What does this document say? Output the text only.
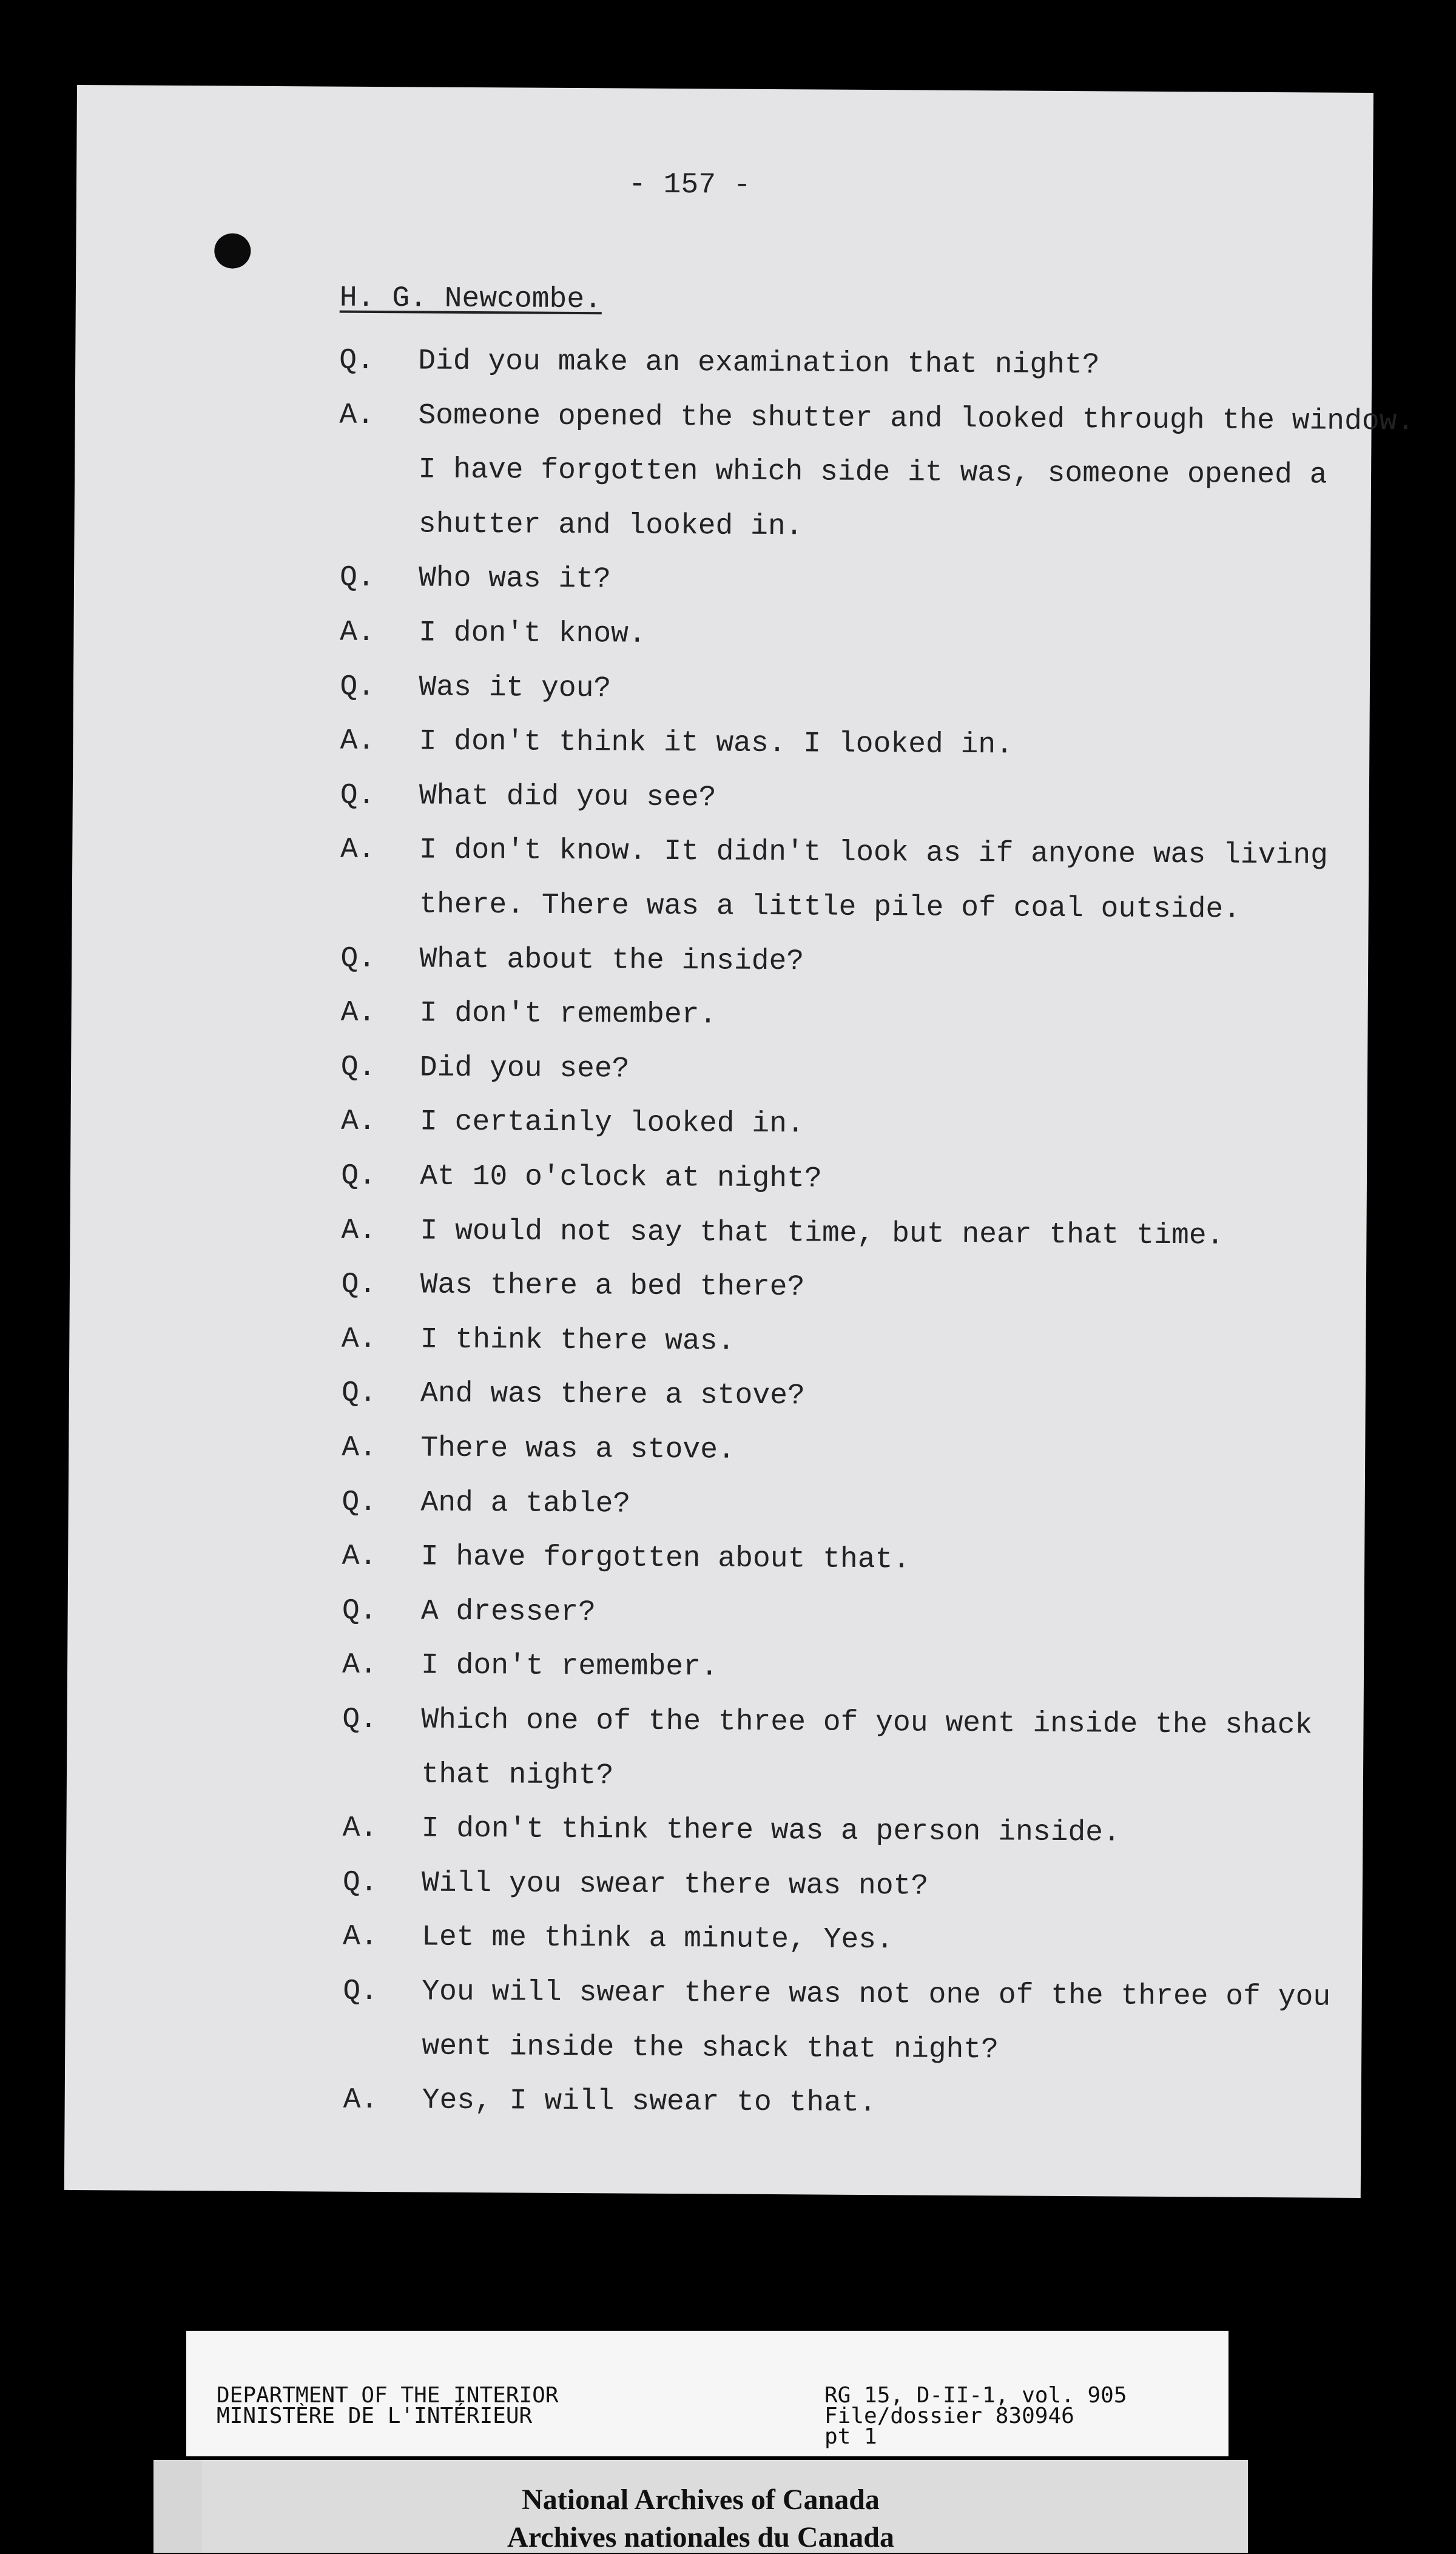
- 157 -
H. G. Newcombe.
Q. Did you make an examination that night?
A. Someone opened the shutter and looked through the window.
I have forgotten which side it was, someone opened a
shutter and looked in.
Q. Who was it?
A. I don't know.
Q. Was it you?
A. I don't think it was. I looked in.
Q. What did you see?
A. I don't know. It didn't look as if anyone was living
there. There was a little pile of coal outside.
Q. What about the inside?
A. I don't remember.
Q. Did you see?
A. I certainly looked in.
Q. At 10 o'clock at night?
A. I would not say that time, but near that time.
Q. Was there a bed there?
A. I think there was.
Q. And was there a stove?
A. There was a stove.
Q. And a table?
A. I have forgotten about that.
Q. A dresser?
A. I don't remember.
Q. Which one of the three of you went inside the shack
that night?
A. I don't think there was a person inside.
Q. Will you swear there was not?
A. Let me think a minute, Yes.
Q. You will swear there was not one of the three of you
went inside the shack that night?
A. Yes, I will swear to that.
DEPARTMENT OF THE INTERIOR
MINISTÈRE DE L'INTÉRIEUR
RG 15, D-II-1, vol. 905
File/dossier 830946
pt 1
National Archives of Canada
Archives nationales du Canada
